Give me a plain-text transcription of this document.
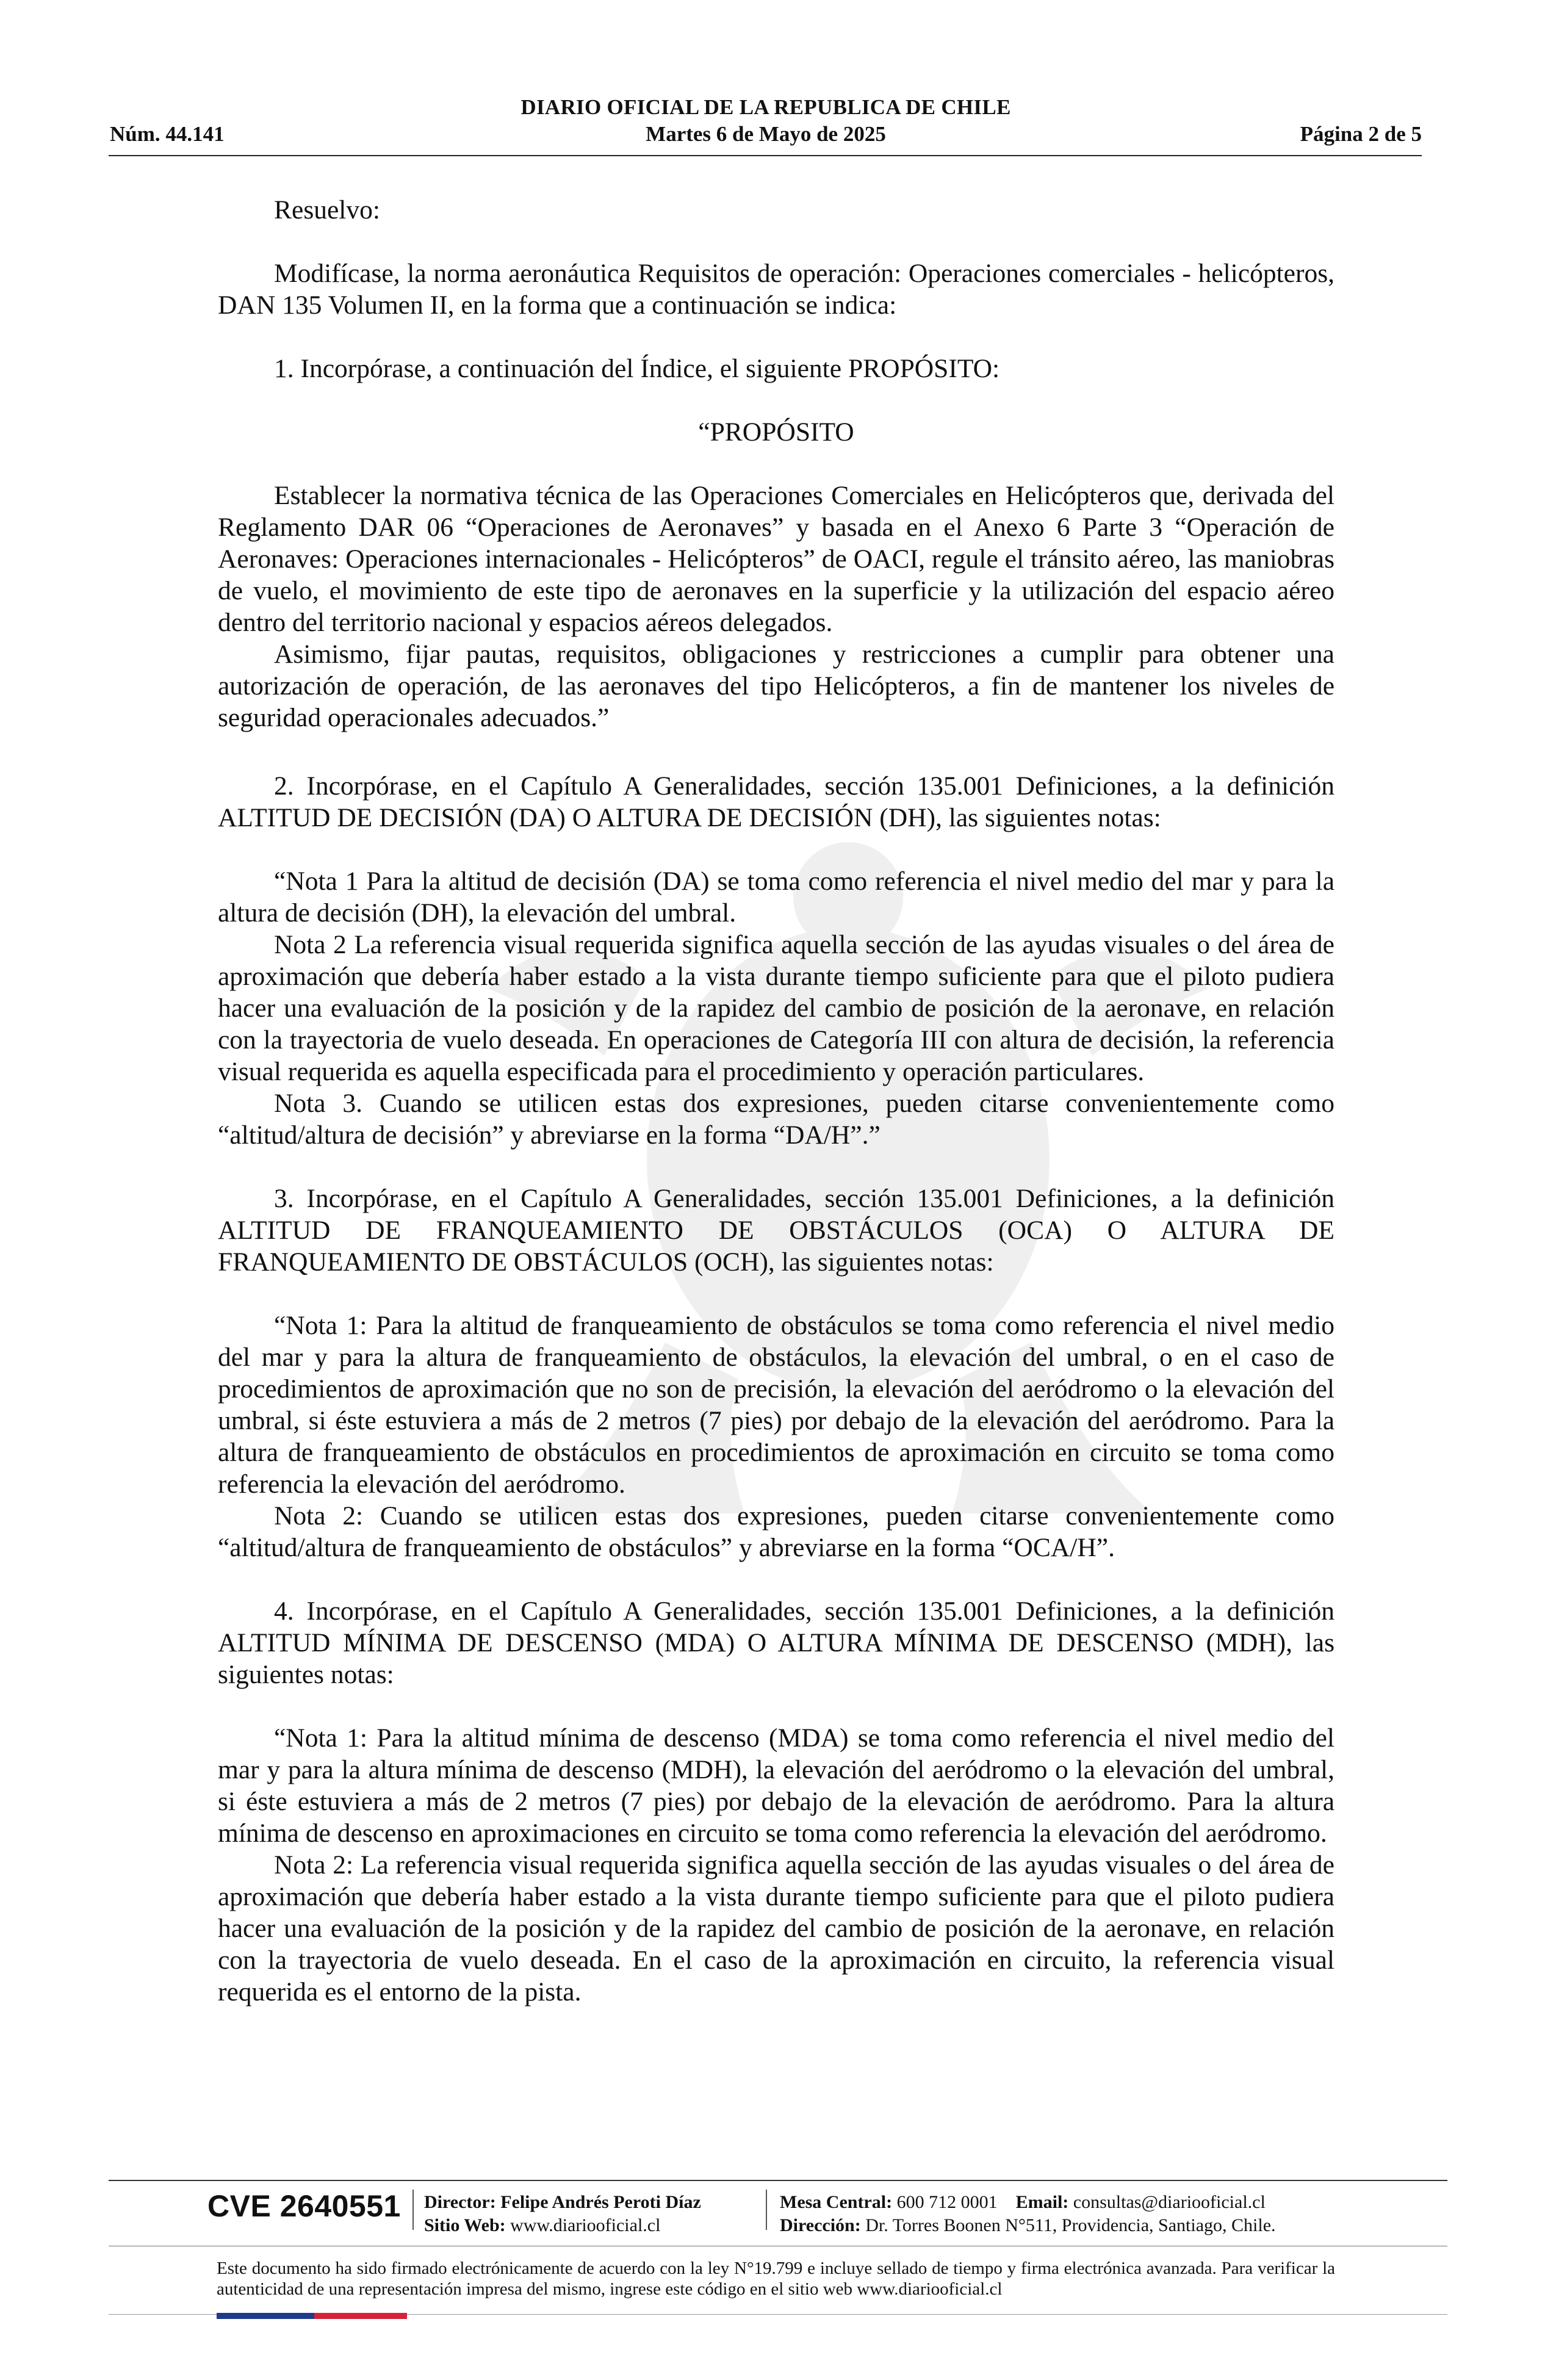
DIARIO OFICIAL DE LA REPUBLICA DE CHILE
Núm. 44.141	Martes 6 de Mayo de 2025	Página 2 de 5

Resuelvo:

Modifícase, la norma aeronáutica Requisitos de operación: Operaciones comerciales - helicópteros, DAN 135 Volumen II, en la forma que a continuación se indica:

1. Incorpórase, a continuación del Índice, el siguiente PROPÓSITO:

“PROPÓSITO

Establecer la normativa técnica de las Operaciones Comerciales en Helicópteros que, derivada del Reglamento DAR 06 “Operaciones de Aeronaves” y basada en el Anexo 6 Parte 3 “Operación de Aeronaves: Operaciones internacionales - Helicópteros” de OACI, regule el tránsito aéreo, las maniobras de vuelo, el movimiento de este tipo de aeronaves en la superficie y la utilización del espacio aéreo dentro del territorio nacional y espacios aéreos delegados.

Asimismo, fijar pautas, requisitos, obligaciones y restricciones a cumplir para obtener una autorización de operación, de las aeronaves del tipo Helicópteros, a fin de mantener los niveles de seguridad operacionales adecuados.”

2. Incorpórase, en el Capítulo A Generalidades, sección 135.001 Definiciones, a la definición ALTITUD DE DECISIÓN (DA) O ALTURA DE DECISIÓN (DH), las siguientes notas:

“Nota 1 Para la altitud de decisión (DA) se toma como referencia el nivel medio del mar y para la altura de decisión (DH), la elevación del umbral.

Nota 2 La referencia visual requerida significa aquella sección de las ayudas visuales o del área de aproximación que debería haber estado a la vista durante tiempo suficiente para que el piloto pudiera hacer una evaluación de la posición y de la rapidez del cambio de posición de la aeronave, en relación con la trayectoria de vuelo deseada. En operaciones de Categoría III con altura de decisión, la referencia visual requerida es aquella especificada para el procedimiento y operación particulares.

Nota 3. Cuando se utilicen estas dos expresiones, pueden citarse convenientemente como “altitud/altura de decisión” y abreviarse en la forma “DA/H”.”

3. Incorpórase, en el Capítulo A Generalidades, sección 135.001 Definiciones, a la definición ALTITUD DE FRANQUEAMIENTO DE OBSTÁCULOS (OCA) O ALTURA DE FRANQUEAMIENTO DE OBSTÁCULOS (OCH), las siguientes notas:

“Nota 1: Para la altitud de franqueamiento de obstáculos se toma como referencia el nivel medio del mar y para la altura de franqueamiento de obstáculos, la elevación del umbral, o en el caso de procedimientos de aproximación que no son de precisión, la elevación del aeródromo o la elevación del umbral, si éste estuviera a más de 2 metros (7 pies) por debajo de la elevación del aeródromo. Para la altura de franqueamiento de obstáculos en procedimientos de aproximación en circuito se toma como referencia la elevación del aeródromo.

Nota 2: Cuando se utilicen estas dos expresiones, pueden citarse convenientemente como “altitud/altura de franqueamiento de obstáculos” y abreviarse en la forma “OCA/H”.

4. Incorpórase, en el Capítulo A Generalidades, sección 135.001 Definiciones, a la definición ALTITUD MÍNIMA DE DESCENSO (MDA) O ALTURA MÍNIMA DE DESCENSO (MDH), las siguientes notas:

“Nota 1: Para la altitud mínima de descenso (MDA) se toma como referencia el nivel medio del mar y para la altura mínima de descenso (MDH), la elevación del aeródromo o la elevación del umbral, si éste estuviera a más de 2 metros (7 pies) por debajo de la elevación de aeródromo. Para la altura mínima de descenso en aproximaciones en circuito se toma como referencia la elevación del aeródromo.

Nota 2: La referencia visual requerida significa aquella sección de las ayudas visuales o del área de aproximación que debería haber estado a la vista durante tiempo suficiente para que el piloto pudiera hacer una evaluación de la posición y de la rapidez del cambio de posición de la aeronave, en relación con la trayectoria de vuelo deseada. En el caso de la aproximación en circuito, la referencia visual requerida es el entorno de la pista.

CVE 2640551 Director: Felipe Andrés Peroti Díaz
Sitio Web: www.diariooficial.cl
Mesa Central: 600 712 0001 Email: consultas@diariooficial.cl
Dirección: Dr. Torres Boonen N°511, Providencia, Santiago, Chile.
Este documento ha sido firmado electrónicamente de acuerdo con la ley N°19.799 e incluye sellado de tiempo y firma electrónica avanzada. Para verificar la autenticidad de una representación impresa del mismo, ingrese este código en el sitio web www.diariooficial.cl
